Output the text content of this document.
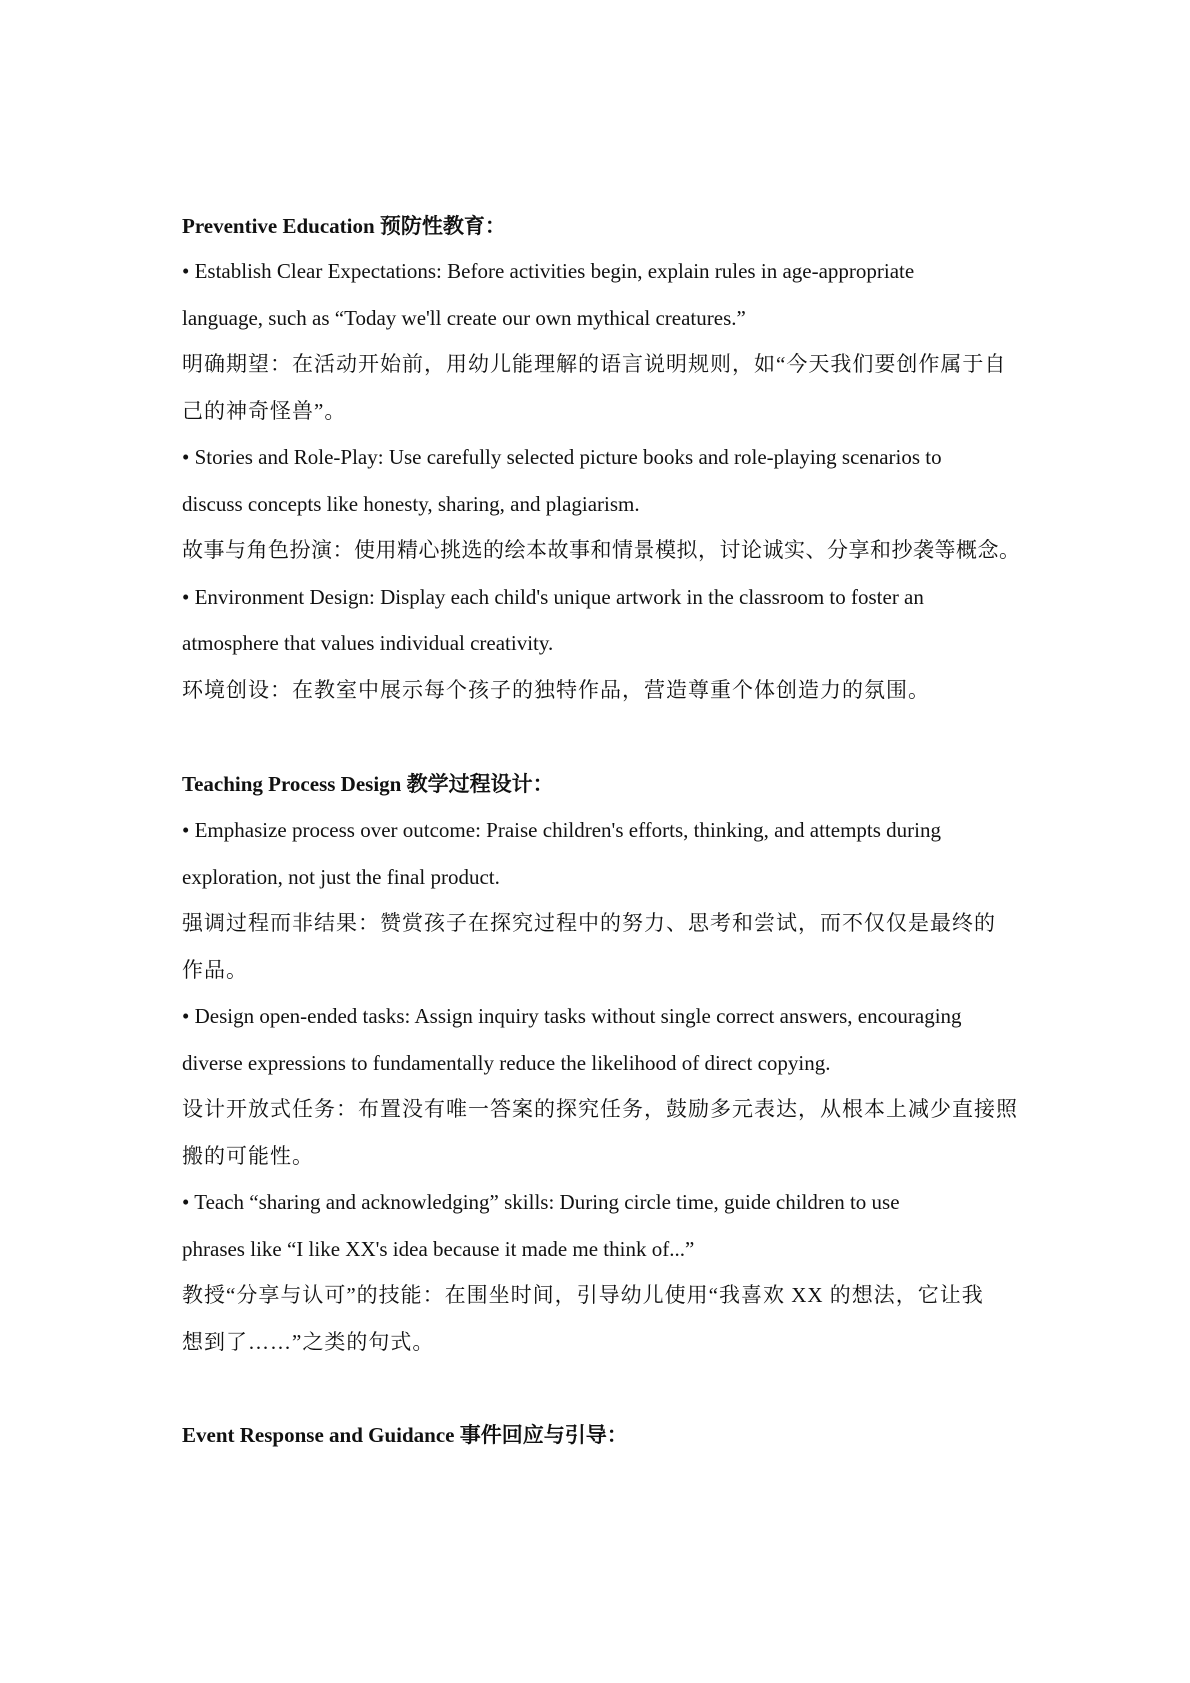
Preventive Education 预防性教育：
• Establish Clear Expectations: Before activities begin, explain rules in age-appropriate
language, such as “Today we'll create our own mythical creatures.”
明确期望：在活动开始前，用幼儿能理解的语言说明规则，如“今天我们要创作属于自
己的神奇怪兽”。
• Stories and Role-Play: Use carefully selected picture books and role-playing scenarios to
discuss concepts like honesty, sharing, and plagiarism.
故事与角色扮演：使用精心挑选的绘本故事和情景模拟，讨论诚实、分享和抄袭等概念。
• Environment Design: Display each child's unique artwork in the classroom to foster an
atmosphere that values individual creativity.
环境创设：在教室中展示每个孩子的独特作品，营造尊重个体创造力的氛围。
Teaching Process Design 教学过程设计：
• Emphasize process over outcome: Praise children's efforts, thinking, and attempts during
exploration, not just the final product.
强调过程而非结果：赞赏孩子在探究过程中的努力、思考和尝试，而不仅仅是最终的
作品。
• Design open-ended tasks: Assign inquiry tasks without single correct answers, encouraging
diverse expressions to fundamentally reduce the likelihood of direct copying.
设计开放式任务：布置没有唯一答案的探究任务，鼓励多元表达，从根本上减少直接照
搬的可能性。
• Teach “sharing and acknowledging” skills: During circle time, guide children to use
phrases like “I like XX's idea because it made me think of...”
教授“分享与认可”的技能：在围坐时间，引导幼儿使用“我喜欢 XX 的想法，它让我
想到了……”之类的句式。
Event Response and Guidance 事件回应与引导：
